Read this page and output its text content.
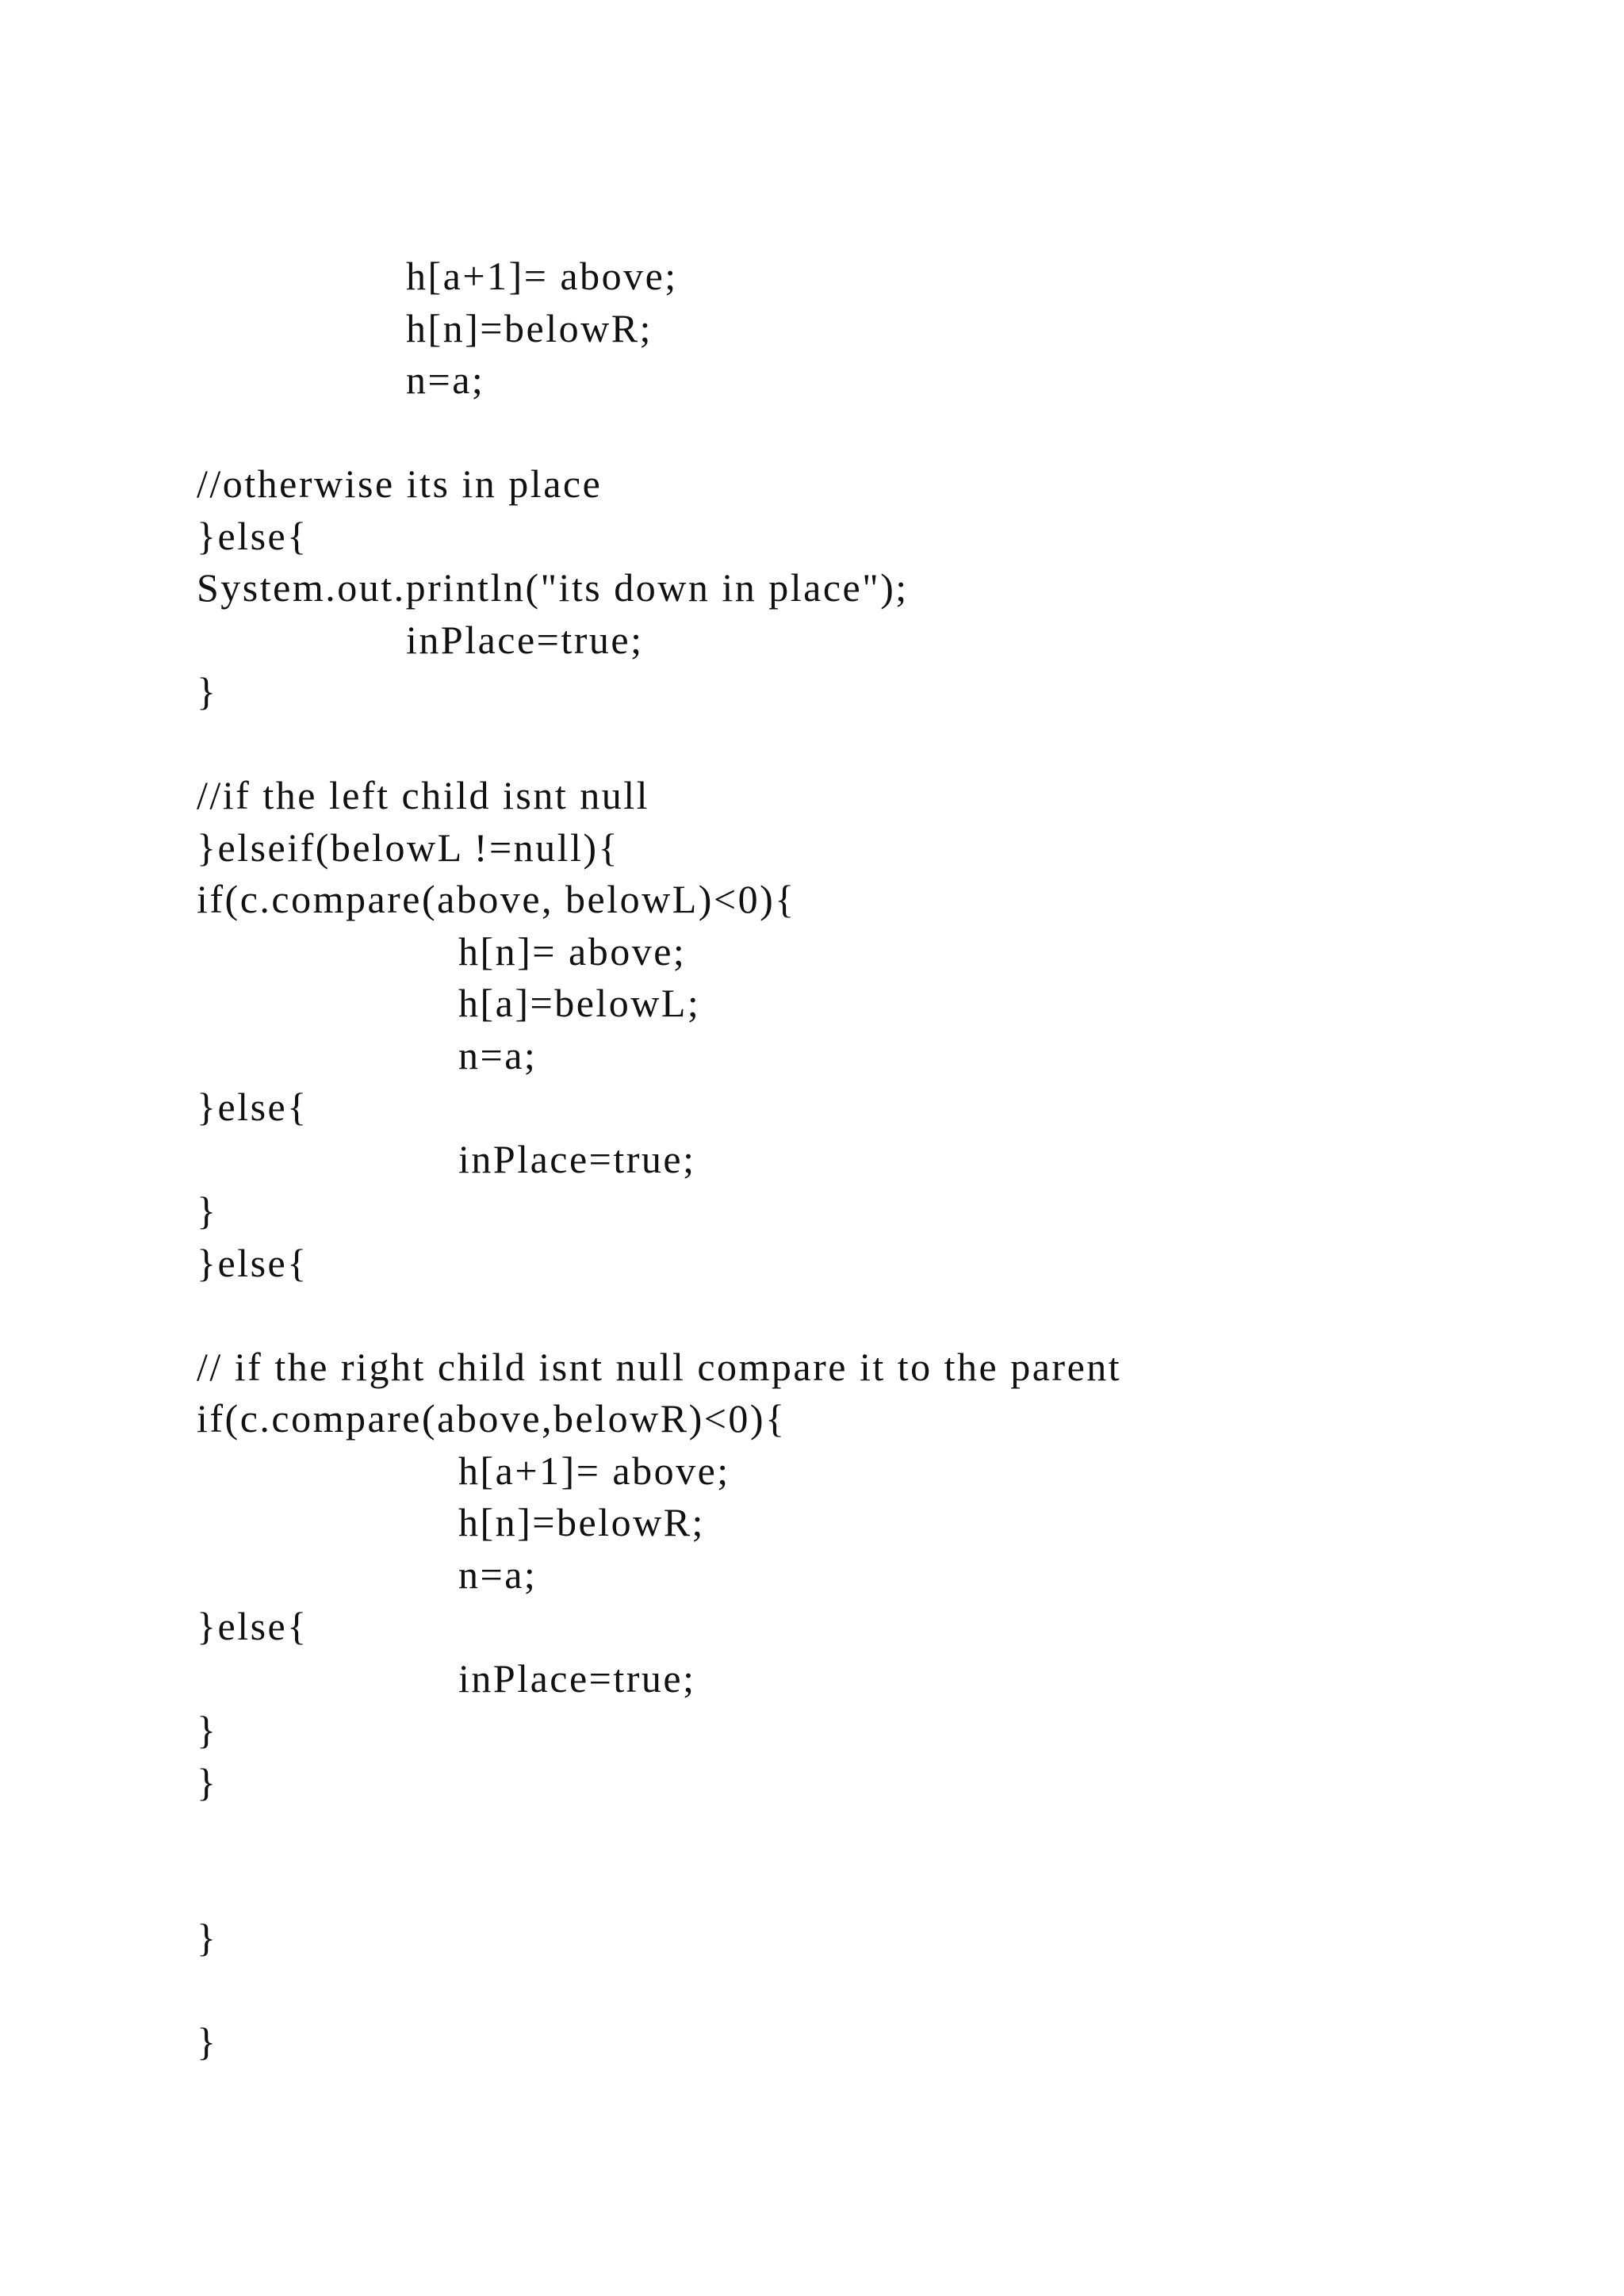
h[a+1]= above;
h[n]=belowR;
n=a;
//otherwise its in place
}else{
System.out.println("its down in place");
inPlace=true;
}
//if the left child isnt null
}elseif(belowL !=null){
if(c.compare(above, belowL)<0){
h[n]= above;
h[a]=belowL;
n=a;
}else{
inPlace=true;
}
}else{
// if the right child isnt null compare it to the parent
if(c.compare(above,belowR)<0){
h[a+1]= above;
h[n]=belowR;
n=a;
}else{
inPlace=true;
}
}
}
}
